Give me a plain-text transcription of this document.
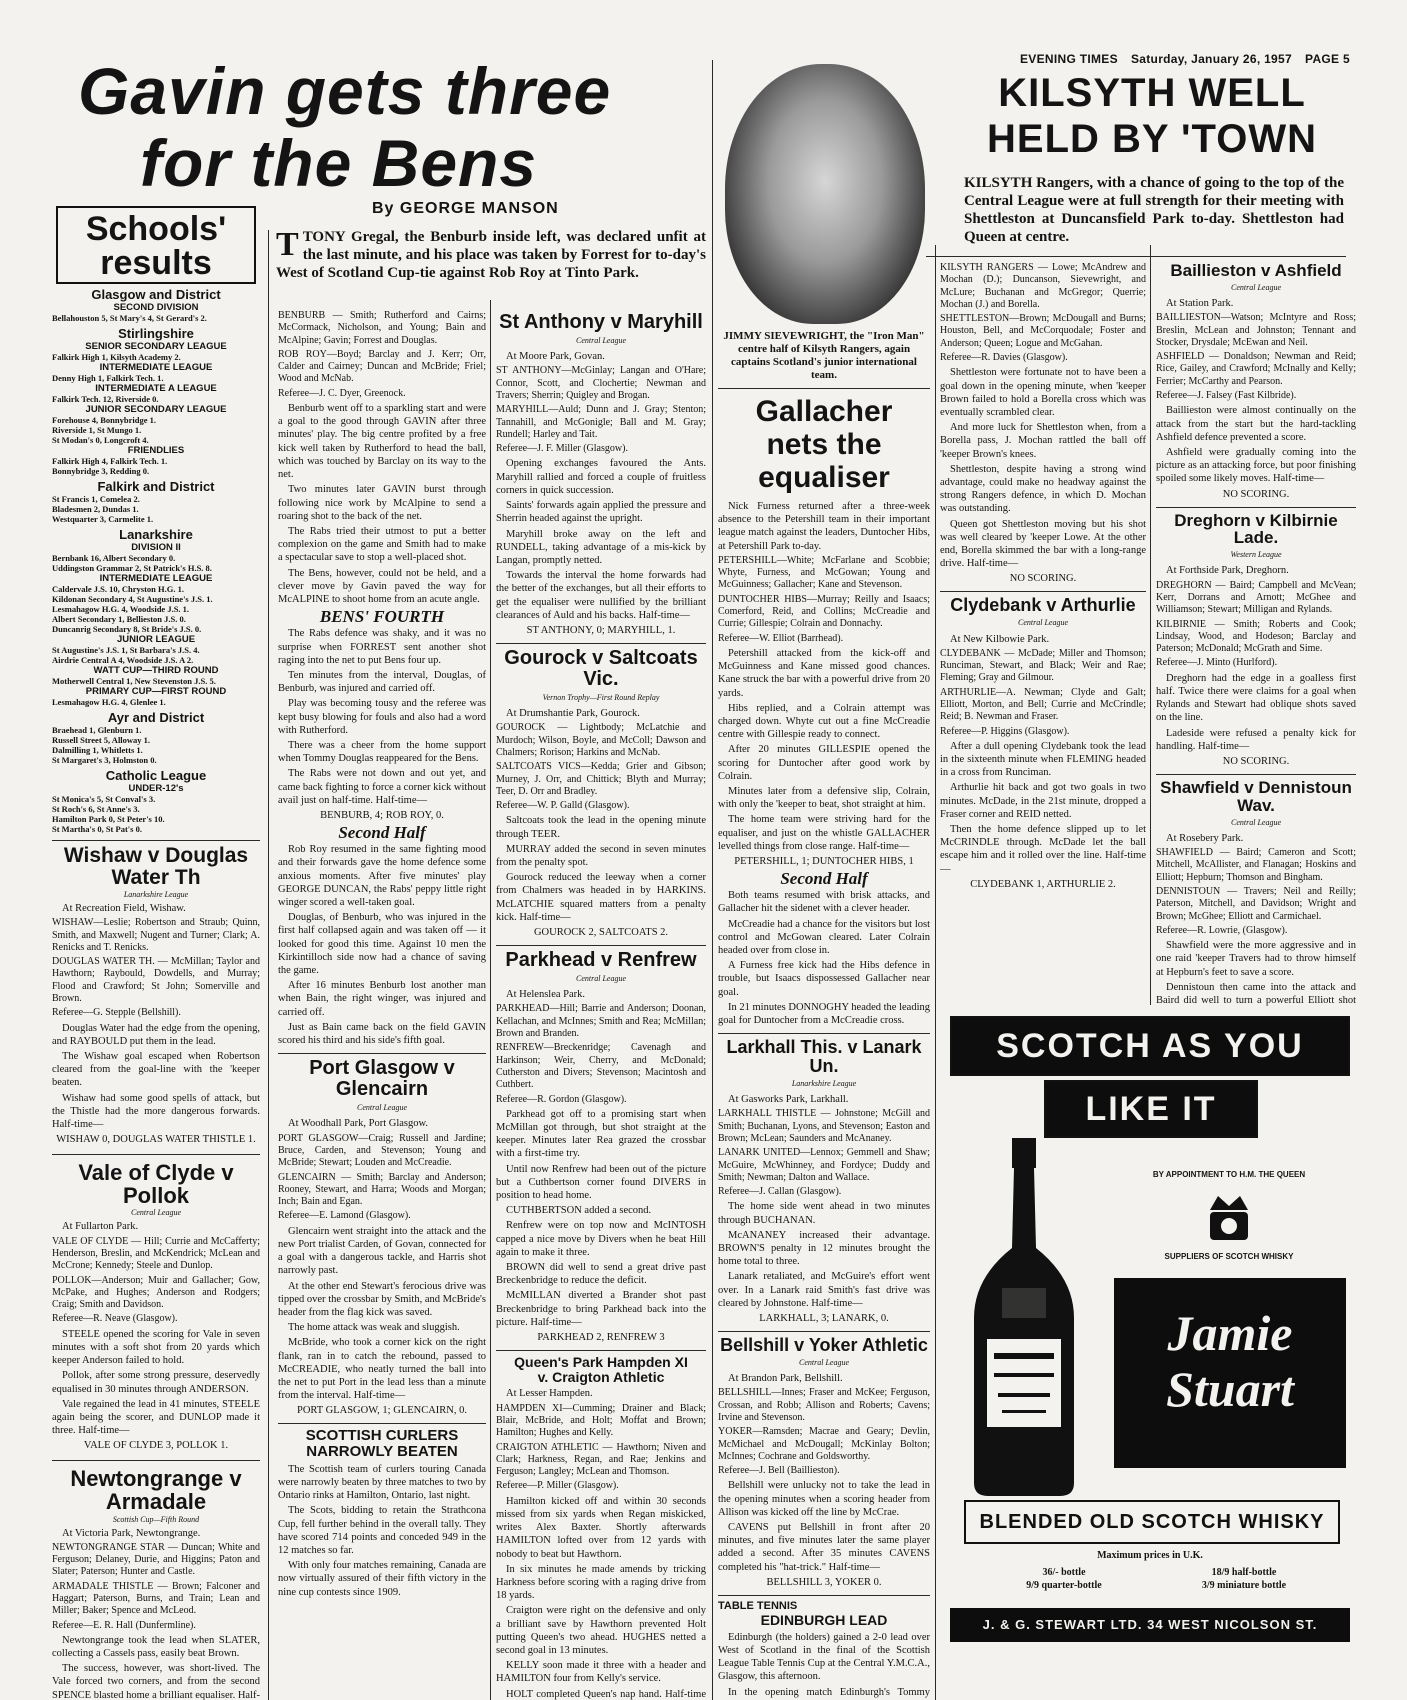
EVENING TIMES Saturday, January 26, 1957 PAGE 5
Gavin gets three
for the Bens
By GEORGE MANSON
Schools'
results
Glasgow and District
SECOND DIVISION
Bellahouston 5, St Mary's 4, St Gerard's 2.
Stirlingshire
SENIOR SECONDARY LEAGUE
Falkirk High 1, Kilsyth Academy 2.
INTERMEDIATE LEAGUE
Denny High 1, Falkirk Tech. 1.
INTERMEDIATE A LEAGUE
Falkirk Tech. 12, Riverside 0.
JUNIOR SECONDARY LEAGUE
Forehouse 4, Bonnybridge 1.
Riverside 1, St Mungo 1.
St Modan's 0, Longcroft 4.
FRIENDLIES
Falkirk High 4, Falkirk Tech. 1.
Bonnybridge 3, Redding 0.
Falkirk and District
St Francis 1, Comelea 2.
Bladesmen 2, Dundas 1.
Westquarter 3, Carmelite 1.
Lanarkshire
DIVISION II
Bernbank 16, Albert Secondary 0.
Uddingston Grammar 2, St Patrick's H.S. 8.
INTERMEDIATE LEAGUE
Caldervale J.S. 10, Chryston H.G. 1.
Kildonan Secondary 4, St Augustine's J.S. 1.
Lesmahagow H.G. 4, Woodside J.S. 1.
Albert Secondary 1, Bellieston J.S. 0.
Duncanrig Secondary 8, St Bride's J.S. 0.
JUNIOR LEAGUE
St Augustine's J.S. 1, St Barbara's J.S. 4.
Airdrie Central A 4, Woodside J.S. A 2.
WATT CUP—THIRD ROUND
Motherwell Central 1, New Stevenston J.S. 5.
PRIMARY CUP—FIRST ROUND
Lesmahagow H.G. 4, Glenlee 1.
Ayr and District
Braehead 1, Glenburn 1.
Russell Street 5, Alloway 1.
Dalmilling 1, Whitletts 1.
St Margaret's 3, Holmston 0.
Catholic League
UNDER-12's
St Monica's 5, St Conval's 3.
St Roch's 6, St Anne's 3.
Hamilton Park 0, St Peter's 10.
St Martha's 0, St Pat's 0.
Wishaw v Douglas Water Th
Lanarkshire League

At Recreation Field, Wishaw.

WISHAW—Leslie; Robertson and Straub; Quinn, Smith, and Maxwell; Nugent and Turner; Clark; A. Renicks and T. Renicks.
DOUGLAS WATER TH. — McMillan; Taylor and Hawthorn; Raybould, Dowdells, and Murray; Flood and Crawford; St John; Somerville and Brown.
Referee—G. Stepple (Bellshill).

Douglas Water had the edge from the opening, and RAYBOULD put them in the lead.

The Wishaw goal escaped when Robertson cleared from the goal-line with the 'keeper beaten.

Wishaw had some good spells of attack, but the Thistle had the more dangerous forwards. Half-time—

WISHAW 0, DOUGLAS WATER THISTLE 1.
Vale of Clyde v Pollok
Central League

At Fullarton Park.

VALE OF CLYDE — Hill; Currie and McCafferty; Henderson, Breslin, and McKendrick; McLean and McCrone; Kennedy; Steele and Dunlop.
POLLOK—Anderson; Muir and Gallacher; Gow, McPake, and Hughes; Anderson and Rodgers; Craig; Smith and Davidson.
Referee—R. Neave (Glasgow).

STEELE opened the scoring for Vale in seven minutes with a soft shot from 20 yards which keeper Anderson failed to hold.

Pollok, after some strong pressure, deservedly equalised in 30 minutes through ANDERSON.

Vale regained the lead in 41 minutes, STEELE again being the scorer, and DUNLOP made it three. Half-time—

VALE OF CLYDE 3, POLLOK 1.
Newtongrange v Armadale
Scottish Cup—Fifth Round

At Victoria Park, Newtongrange.

NEWTONGRANGE STAR — Duncan; White and Ferguson; Delaney, Durie, and Higgins; Paton and Slater; Paterson; Hunter and Castle.
ARMADALE THISTLE — Brown; Falconer and Haggart; Paterson, Burns, and Train; Lean and Miller; Baker; Spence and McLeod.
Referee—E. R. Hall (Dunfermline).

Newtongrange took the lead when SLATER, collecting a Cassels pass, easily beat Brown.

The success, however, was short-lived. The Vale forced two corners, and from the second SPENCE blasted home a brilliant equaliser. Half-

TTONY Gregal, the Benburb inside left, was declared unfit at the last minute, and his place was taken by Forrest for to-day's West of Scotland Cup-tie against Rob Roy at Tinto Park.
BENBURB — Smith; Rutherford and Cairns; McCormack, Nicholson, and Young; Bain and McAlpine; Gavin; Forrest and Douglas.
ROB ROY—Boyd; Barclay and J. Kerr; Orr, Calder and Cairney; Duncan and McBride; Friel; Wood and McNab.
Referee—J. C. Dyer, Greenock.

Benburb went off to a sparkling start and were a goal to the good through GAVIN after three minutes' play. The big centre profited by a free kick well taken by Rutherford to head the ball, which was touched by Barclay on its way to the net.

Two minutes later GAVIN burst through following nice work by McAlpine to send a roaring shot to the back of the net.

The Rabs tried their utmost to put a better complexion on the game and Smith had to make a spectacular save to stop a well-placed shot.

The Bens, however, could not be held, and a clever move by Gavin paved the way for McALPINE to shoot home from an acute angle.

BENS' FOURTH

The Rabs defence was shaky, and it was no surprise when FORREST sent another shot raging into the net to put Bens four up.

Ten minutes from the interval, Douglas, of Benburb, was injured and carried off.

Play was becoming tousy and the referee was kept busy blowing for fouls and also had a word with Rutherford.

There was a cheer from the home support when Tommy Douglas reappeared for the Bens.

The Rabs were not down and out yet, and came back fighting to force a corner kick without avail just on half-time. Half-time—

BENBURB, 4; ROB ROY, 0.
Second Half

Rob Roy resumed in the same fighting mood and their forwards gave the home defence some anxious moments. After five minutes' play GEORGE DUNCAN, the Rabs' peppy little right winger scored a well-taken goal.

Douglas, of Benburb, who was injured in the first half collapsed again and was taken off — it looked for good this time. Against 10 men the Kirkintilloch side now had a chance of saving the game.

After 16 minutes Benburb lost another man when Bain, the right winger, was injured and carried off.

Just as Bain came back on the field GAVIN scored his third and his side's fifth goal.

Port Glasgow v Glencairn
Central League

At Woodhall Park, Port Glasgow.

PORT GLASGOW—Craig; Russell and Jardine; Bruce, Carden, and Stevenson; Young and McBride; Stewart; Louden and McCreadie.
GLENCAIRN — Smith; Barclay and Anderson; Rooney, Stewart, and Harra; Woods and Morgan; Inch; Bain and Egan.
Referee—E. Lamond (Glasgow).

Glencairn went straight into the attack and the new Port trialist Carden, of Govan, connected for a goal with a dangerous tackle, and Harris shot narrowly past.

At the other end Stewart's ferocious drive was tipped over the crossbar by Smith, and McBride's header from the flag kick was saved.

The home attack was weak and sluggish.

McBride, who took a corner kick on the right flank, ran in to catch the rebound, passed to McCREADIE, who neatly turned the ball into the net to put Port in the lead less than a minute from the interval. Half-time—

PORT GLASGOW, 1; GLENCAIRN, 0.
SCOTTISH CURLERS
NARROWLY BEATEN

The Scottish team of curlers touring Canada were narrowly beaten by three matches to two by Ontario rinks at Hamilton, Ontario, last night.

The Scots, bidding to retain the Strathcona Cup, fell further behind in the overall tally. They have scored 714 points and conceded 949 in the 12 matches so far.

With only four matches remaining, Canada are now virtually assured of their fifth victory in the nine cup contests since 1909.

St Anthony v Maryhill
Central League

At Moore Park, Govan.

ST ANTHONY—McGinlay; Langan and O'Hare; Connor, Scott, and Clochertie; Newman and Travers; Sherrin; Quigley and Brogan.
MARYHILL—Auld; Dunn and J. Gray; Stenton; Tannahill, and McGonigle; Ball and M. Gray; Rundell; Harley and Tait.
Referee—J. F. Miller (Glasgow).

Opening exchanges favoured the Ants. Maryhill rallied and forced a couple of fruitless corners in quick succession.

Saints' forwards again applied the pressure and Sherrin headed against the upright.

Maryhill broke away on the left and RUNDELL, taking advantage of a mis-kick by Langan, promptly netted.

Towards the interval the home forwards had the better of the exchanges, but all their efforts to get the equaliser were nullified by the brilliant clearances of Auld and his backs. Half-time—

ST ANTHONY, 0; MARYHILL, 1.
Gourock v Saltcoats Vic.
Vernon Trophy—First Round Replay

At Drumshantie Park, Gourock.

GOUROCK — Lightbody; McLatchie and Murdoch; Wilson, Boyle, and McColl; Dawson and Chalmers; Rorison; Harkins and McNab.
SALTCOATS VICS—Kedda; Grier and Gibson; Murney, J. Orr, and Chittick; Blyth and Murray; Teer, D. Orr and Bradley.
Referee—W. P. Galld (Glasgow).

Saltcoats took the lead in the opening minute through TEER.

MURRAY added the second in seven minutes from the penalty spot.

Gourock reduced the leeway when a corner from Chalmers was headed in by HARKINS. McLATCHIE squared matters from a penalty kick. Half-time—

GOUROCK 2, SALTCOATS 2.
Parkhead v Renfrew
Central League

At Helenslea Park.

PARKHEAD—Hill; Barrie and Anderson; Doonan, Kellachan, and McInnes; Smith and Rea; McMillan; Brown and Branden.
RENFREW—Breckenridge; Cavenagh and Harkinson; Weir, Cherry, and McDonald; Cutherston and Divers; Stevenson; Macintosh and Cuthbert.
Referee—R. Gordon (Glasgow).

Parkhead got off to a promising start when McMillan got through, but shot straight at the keeper. Minutes later Rea grazed the crossbar with a first-time try.

Until now Renfrew had been out of the picture but a Cuthbertson corner found DIVERS in position to head home.

CUTHBERTSON added a second.

Renfrew were on top now and McINTOSH capped a nice move by Divers when he beat Hill again to make it three.

BROWN did well to send a great drive past Breckenbridge to reduce the deficit.

McMILLAN diverted a Brander shot past Breckenbridge to bring Parkhead back into the picture. Half-time—

PARKHEAD 2, RENFREW 3
Queen's Park Hampden XI
v. Craigton Athletic

At Lesser Hampden.

HAMPDEN XI—Cumming; Drainer and Black; Blair, McBride, and Holt; Moffat and Brown; Hamilton; Hughes and Kelly.
CRAIGTON ATHLETIC — Hawthorn; Niven and Clark; Harkness, Regan, and Rae; Jenkins and Ferguson; Langley; McLean and Thomson.
Referee—P. Miller (Glasgow).

Hamilton kicked off and within 30 seconds missed from six yards when Regan miskicked, writes Alex Baxter. Shortly afterwards HAMILTON lofted over from 12 yards with nobody to beat but Hawthorn.

In six minutes he made amends by tricking Harkness before scoring with a raging drive from 18 yards.

Craigton were right on the defensive and only a brilliant save by Hawthorn prevented Holt putting Queen's two ahead. HUGHES netted a second goal in 13 minutes.

KELLY soon made it three with a header and HAMILTON four from Kelly's service.

HOLT completed Queen's nap hand. Half-time

JIMMY SIEVEWRIGHT, the "Iron Man" centre half of Kilsyth Rangers, again captains Scotland's junior international team.
Gallacher
nets the
equaliser

Nick Furness returned after a three-week absence to the Petershill team in their important league match against the leaders, Duntocher Hibs, at Petershill Park to-day.

PETERSHILL—White; McFarlane and Scobbie; Whyte, Furness, and McGowan; Young and McGuinness; Gallacher; Kane and Stevenson.
DUNTOCHER HIBS—Murray; Reilly and Isaacs; Comerford, Reid, and Collins; McCreadie and Currie; Gillespie; Colrain and Donnachy.
Referee—W. Elliot (Barrhead).

Petershill attacked from the kick-off and McGuinness and Kane missed good chances. Kane struck the bar with a powerful drive from 20 yards.

Hibs replied, and a Colrain attempt was charged down. Whyte cut out a fine McCreadie centre with Gillespie ready to connect.

After 20 minutes GILLESPIE opened the scoring for Duntocher after good work by Colrain.

Minutes later from a defensive slip, Colrain, with only the 'keeper to beat, shot straight at him.

The home team were striving hard for the equaliser, and just on the whistle GALLACHER levelled things from close range. Half-time—

PETERSHILL, 1; DUNTOCHER HIBS, 1
Second Half

Both teams resumed with brisk attacks, and Gallacher hit the sidenet with a clever header.

McCreadie had a chance for the visitors but lost control and McGowan cleared. Later Colrain headed over from close in.

A Furness free kick had the Hibs defence in trouble, but Isaacs dispossessed Gallacher near goal.

In 21 minutes DONNOGHY headed the leading goal for Duntocher from a McCreadie cross.

Larkhall This. v Lanark Un.
Lanarkshire League

At Gasworks Park, Larkhall.

LARKHALL THISTLE — Johnstone; McGill and Smith; Buchanan, Lyons, and Stevenson; Easton and Brown; McLean; Saunders and McAnaney.
LANARK UNITED—Lennox; Gemmell and Shaw; McGuire, McWhinney, and Fordyce; Duddy and Smith; Newman; Dalton and Wallace.
Referee—J. Callan (Glasgow).

The home side went ahead in two minutes through BUCHANAN.

McANANEY increased their advantage. BROWN'S penalty in 12 minutes brought the home total to three.

Lanark retaliated, and McGuire's effort went over. In a Lanark raid Smith's fast drive was cleared by Johnstone. Half-time—

LARKHALL, 3; LANARK, 0.
Bellshill v Yoker Athletic
Central League

At Brandon Park, Bellshill.

BELLSHILL—Innes; Fraser and McKee; Ferguson, Crossan, and Robb; Allison and Roberts; Cavens; Irvine and Stevenson.
YOKER—Ramsden; Macrae and Geary; Devlin, McMichael and McDougall; McKinlay Bolton; McInnes; Cochrane and Goldsworthy.
Referee—J. Bell (Baillieston).

Bellshill were unlucky not to take the lead in the opening minutes when a scoring header from Allison was kicked off the line by McCrae.

CAVENS put Bellshill in front after 20 minutes, and five minutes later the same player added a second. After 35 minutes CAVENS completed his "hat-trick." Half-time—

BELLSHILL 3, YOKER 0.
TABLE TENNIS
EDINBURGH LEAD

Edinburgh (the holders) gained a 2-0 lead over West of Scotland in the final of the Scottish League Table Tennis Cup at the Central Y.M.C.A., Glasgow, this afternoon.

In the opening match Edinburgh's Tommy

KILSYTH WELL
HELD BY 'TOWN
KILSYTH Rangers, with a chance of going to the top of the Central League were at full strength for their meeting with Shettleston at Duncansfield Park to-day. Shettleston had Queen at centre.
KILSYTH RANGERS — Lowe; McAndrew and Mochan (D.); Duncanson, Sievewright, and McLure; Buchanan and McGregor; Querrie; Mochan (J.) and Borella.
SHETTLESTON—Brown; McDougall and Burns; Houston, Bell, and McCorquodale; Foster and Anderson; Queen; Logue and McGahan.
Referee—R. Davies (Glasgow).

Shettleston were fortunate not to have been a goal down in the opening minute, when 'keeper Brown failed to hold a Borella cross which was eventually scrambled clear.

And more luck for Shettleston when, from a Borella pass, J. Mochan rattled the ball off 'keeper Brown's knees.

Shettleston, despite having a strong wind advantage, could make no headway against the strong Rangers defence, in which D. Mochan was outstanding.

Queen got Shettleston moving but his shot was well cleared by 'keeper Lowe. At the other end, Borella skimmed the bar with a long-range drive. Half-time—

NO SCORING.
Clydebank v Arthurlie
Central League

At New Kilbowie Park.

CLYDEBANK — McDade; Miller and Thomson; Runciman, Stewart, and Black; Weir and Rae; Fleming; Gray and Gilmour.
ARTHURLIE—A. Newman; Clyde and Galt; Elliott, Morton, and Bell; Currie and McCrindle; Reid; B. Newman and Fraser.
Referee—P. Higgins (Glasgow).

After a dull opening Clydebank took the lead in the sixteenth minute when FLEMING headed in a cross from Runciman.

Arthurlie hit back and got two goals in two minutes. McDade, in the 21st minute, dropped a Fraser corner and REID netted.

Then the home defence slipped up to let McCRINDLE through. McDade let the ball escape him and it rolled over the line. Half-time—

CLYDEBANK 1, ARTHURLIE 2.
Baillieston v Ashfield
Central League

At Station Park.

BAILLIESTON—Watson; McIntyre and Ross; Breslin, McLean and Johnston; Tennant and Stocker, Drysdale; McEwan and Neil.
ASHFIELD — Donaldson; Newman and Reid; Rice, Gailey, and Crawford; McInally and Kelly; Ferrier; McCarthy and Pearson.
Referee—J. Falsey (Fast Kilbride).

Baillieston were almost continually on the attack from the start but the hard-tackling Ashfield defence prevented a score.

Ashfield were gradually coming into the picture as an attacking force, but poor finishing spoiled some likely moves. Half-time—

NO SCORING.
Dreghorn v Kilbirnie Lade.
Western League

At Forthside Park, Dreghorn.

DREGHORN — Baird; Campbell and McVean; Kerr, Dorrans and Arnott; McGhee and Williamson; Stewart; Milligan and Rylands.
KILBIRNIE — Smith; Roberts and Cook; Lindsay, Wood, and Hodeson; Barclay and Paterson; McDonald; McGrath and Sime.
Referee—J. Minto (Hurlford).

Dreghorn had the edge in a goalless first half. Twice there were claims for a goal when Rylands and Stewart had oblique shots saved on the line.

Ladeside were refused a penalty kick for handling. Half-time—

NO SCORING.
Shawfield v Dennistoun Wav.
Central League

At Rosebery Park.

SHAWFIELD — Baird; Cameron and Scott; Mitchell, McAllister, and Flanagan; Hoskins and Elliott; Hepburn; Thomson and Bingham.
DENNISTOUN — Travers; Neil and Reilly; Paterson, Mitchell, and Davidson; Wright and Brown; McGhee; Elliott and Carmichael.
Referee—R. Lowrie, (Glasgow).

Shawfield were the more aggressive and in one raid 'keeper Travers had to throw himself at Hepburn's feet to save a score.

Dennistoun then came into the attack and Baird did well to turn a powerful Elliott shot

SCOTCH AS YOU
LIKE IT
BY APPOINTMENT TO H.M. THE QUEEN
SUPPLIERS OF SCOTCH WHISKY
Jamie
Stuart
BLENDED OLD SCOTCH WHISKY
Maximum prices in U.K.
36/- bottle	18/9 half-bottle
9/9 quarter-bottle	3/9 miniature bottle
J. & G. STEWART LTD. 34 WEST NICOLSON ST. EDINBURGH
